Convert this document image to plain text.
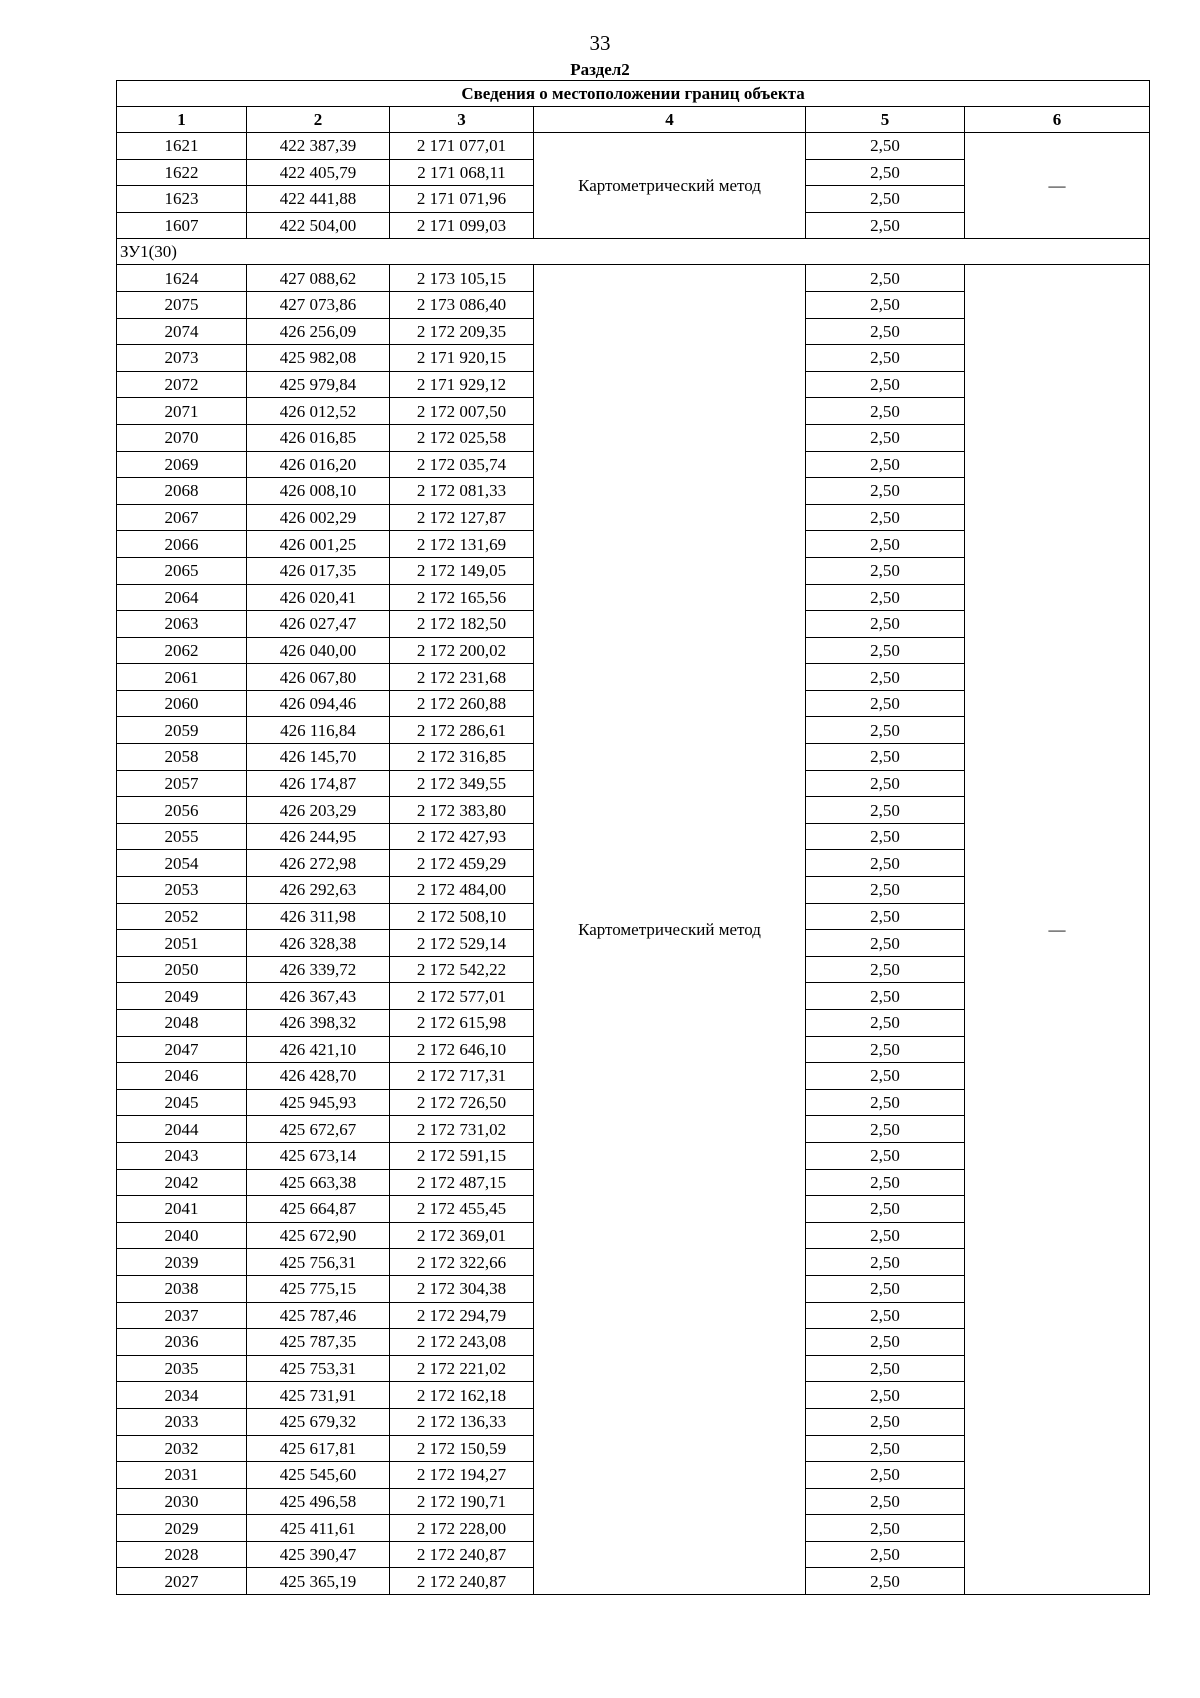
33
Раздел2
Сведения о местоположении границ объекта					
1	2	3	4	5	6
1621	422 387,39	2 171 077,01	Картометрический метод	2,50	—
1622	422 405,79	2 171 068,11		2,50	
1623	422 441,88	2 171 071,96		2,50	
1607	422 504,00	2 171 099,03		2,50	
ЗУ1(30)					
1624	427 088,62	2 173 105,15	Картометрический метод	2,50	—
2075	427 073,86	2 173 086,40		2,50	
2074	426 256,09	2 172 209,35		2,50	
2073	425 982,08	2 171 920,15		2,50	
2072	425 979,84	2 171 929,12		2,50	
2071	426 012,52	2 172 007,50		2,50	
2070	426 016,85	2 172 025,58		2,50	
2069	426 016,20	2 172 035,74		2,50	
2068	426 008,10	2 172 081,33		2,50	
2067	426 002,29	2 172 127,87		2,50	
2066	426 001,25	2 172 131,69		2,50	
2065	426 017,35	2 172 149,05		2,50	
2064	426 020,41	2 172 165,56		2,50	
2063	426 027,47	2 172 182,50		2,50	
2062	426 040,00	2 172 200,02		2,50	
2061	426 067,80	2 172 231,68		2,50	
2060	426 094,46	2 172 260,88		2,50	
2059	426 116,84	2 172 286,61		2,50	
2058	426 145,70	2 172 316,85		2,50	
2057	426 174,87	2 172 349,55		2,50	
2056	426 203,29	2 172 383,80		2,50	
2055	426 244,95	2 172 427,93		2,50	
2054	426 272,98	2 172 459,29		2,50	
2053	426 292,63	2 172 484,00		2,50	
2052	426 311,98	2 172 508,10		2,50	
2051	426 328,38	2 172 529,14		2,50	
2050	426 339,72	2 172 542,22		2,50	
2049	426 367,43	2 172 577,01		2,50	
2048	426 398,32	2 172 615,98		2,50	
2047	426 421,10	2 172 646,10		2,50	
2046	426 428,70	2 172 717,31		2,50	
2045	425 945,93	2 172 726,50		2,50	
2044	425 672,67	2 172 731,02		2,50	
2043	425 673,14	2 172 591,15		2,50	
2042	425 663,38	2 172 487,15		2,50	
2041	425 664,87	2 172 455,45		2,50	
2040	425 672,90	2 172 369,01		2,50	
2039	425 756,31	2 172 322,66		2,50	
2038	425 775,15	2 172 304,38		2,50	
2037	425 787,46	2 172 294,79		2,50	
2036	425 787,35	2 172 243,08		2,50	
2035	425 753,31	2 172 221,02		2,50	
2034	425 731,91	2 172 162,18		2,50	
2033	425 679,32	2 172 136,33		2,50	
2032	425 617,81	2 172 150,59		2,50	
2031	425 545,60	2 172 194,27		2,50	
2030	425 496,58	2 172 190,71		2,50	
2029	425 411,61	2 172 228,00		2,50	
2028	425 390,47	2 172 240,87		2,50	
2027	425 365,19	2 172 240,87		2,50	
